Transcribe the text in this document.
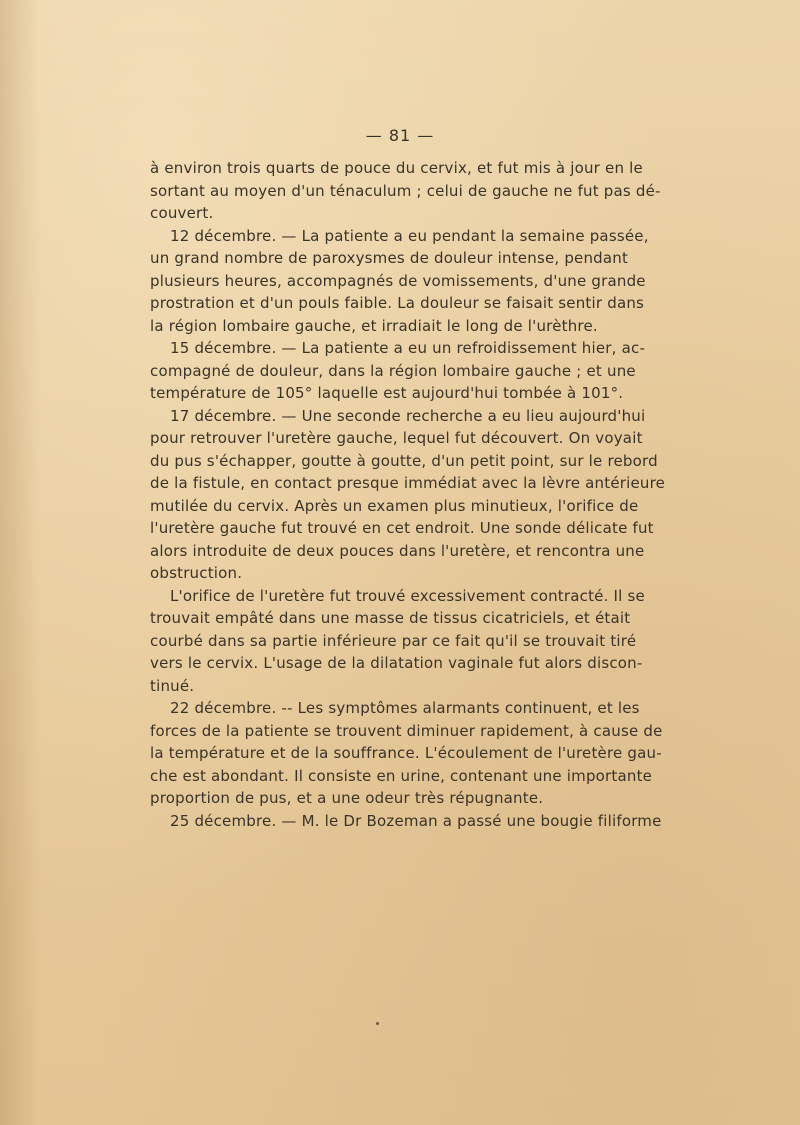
— 81 —
à environ trois quarts de pouce du cervix, et fut mis à jour en le
sortant au moyen d'un ténaculum ; celui de gauche ne fut pas dé-
couvert.
12 décembre. — La patiente a eu pendant la semaine passée,
un grand nombre de paroxysmes de douleur intense, pendant
plusieurs heures, accompagnés de vomissements, d'une grande
prostration et d'un pouls faible. La douleur se faisait sentir dans
la région lombaire gauche, et irradiait le long de l'urèthre.
15 décembre. — La patiente a eu un refroidissement hier, ac-
compagné de douleur, dans la région lombaire gauche ; et une
température de 105° laquelle est aujourd'hui tombée à 101°.
17 décembre. — Une seconde recherche a eu lieu aujourd'hui
pour retrouver l'uretère gauche, lequel fut découvert. On voyait
du pus s'échapper, goutte à goutte, d'un petit point, sur le rebord
de la fistule, en contact presque immédiat avec la lèvre antérieure
mutilée du cervix. Après un examen plus minutieux, l'orifice de
l'uretère gauche fut trouvé en cet endroit. Une sonde délicate fut
alors introduite de deux pouces dans l'uretère, et rencontra une
obstruction.
L'orifice de l'uretère fut trouvé excessivement contracté. Il se
trouvait empâté dans une masse de tissus cicatriciels, et était
courbé dans sa partie inférieure par ce fait qu'il se trouvait tiré
vers le cervix. L'usage de la dilatation vaginale fut alors discon-
tinué.
22 décembre. -- Les symptômes alarmants continuent, et les
forces de la patiente se trouvent diminuer rapidement, à cause de
la température et de la souffrance. L'écoulement de l'uretère gau-
che est abondant. Il consiste en urine, contenant une importante
proportion de pus, et a une odeur très répugnante.
25 décembre. — M. le Dr Bozeman a passé une bougie filiforme
